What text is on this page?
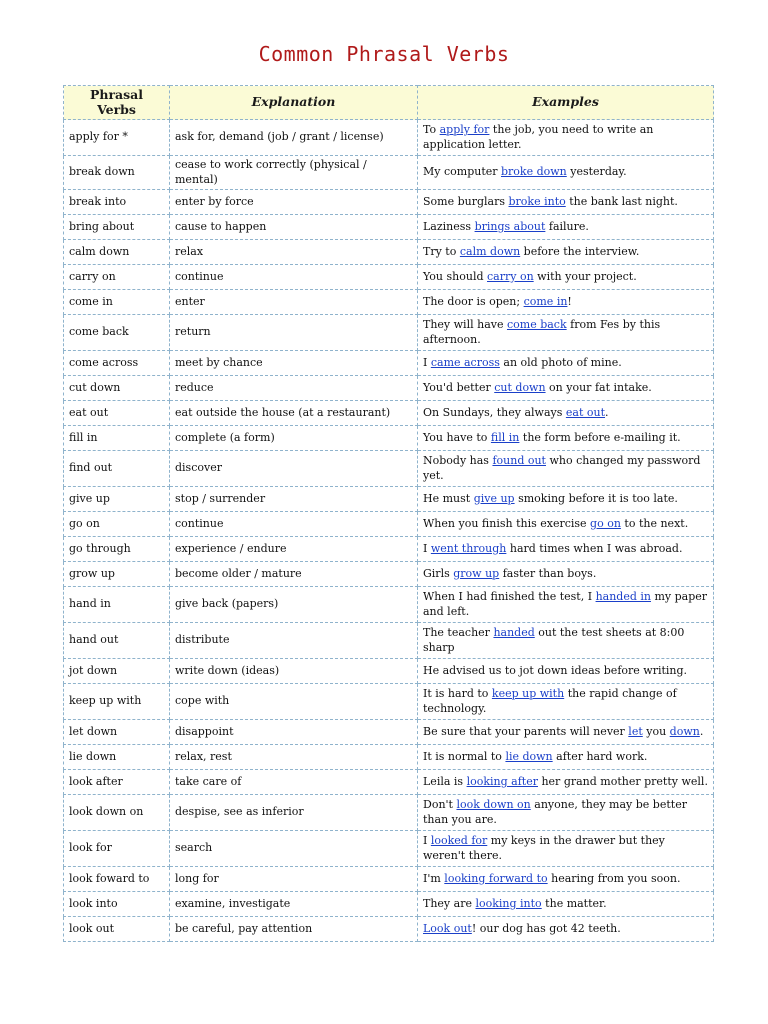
Common Phrasal Verbs
Phrasal Verbs	Explanation	Examples
apply for *	ask for, demand (job / grant / license)	To apply for the job, you need to write an application letter.
break down	cease to work correctly (physical / mental)	My computer broke down yesterday.
break into	enter by force	Some burglars broke into the bank last night.
bring about	cause to happen	Laziness brings about failure.
calm down	relax	Try to calm down before the interview.
carry on	continue	You should carry on with your project.
come in	enter	The door is open; come in!
come back	return	They will have come back from Fes by this afternoon.
come across	meet by chance	I came across an old photo of mine.
cut down	reduce	You'd better cut down on your fat intake.
eat out	eat outside the house (at a restaurant)	On Sundays, they always eat out.
fill in	complete (a form)	You have to fill in the form before e-mailing it.
find out	discover	Nobody has found out who changed my password yet.
give up	stop / surrender	He must give up smoking before it is too late.
go on	continue	When you finish this exercise go on to the next.
go through	experience / endure	I went through hard times when I was abroad.
grow up	become older / mature	Girls grow up faster than boys.
hand in	give back (papers)	When I had finished the test, I handed in my paper and left.
hand out	distribute	The teacher handed out the test sheets at 8:00 sharp
jot down	write down (ideas)	He advised us to jot down ideas before writing.
keep up with	cope with	It is hard to keep up with the rapid change of technology.
let down	disappoint	Be sure that your parents will never let you down.
lie down	relax, rest	It is normal to lie down after hard work.
look after	take care of	Leila is looking after her grand mother pretty well.
look down on	despise, see as inferior	Don't look down on anyone, they may be better than you are.
look for	search	I looked for my keys in the drawer but they weren't there.
look foward to	long for	I'm looking forward to hearing from you soon.
look into	examine, investigate	They are looking into the matter.
look out	be careful, pay attention	Look out! our dog has got 42 teeth.
